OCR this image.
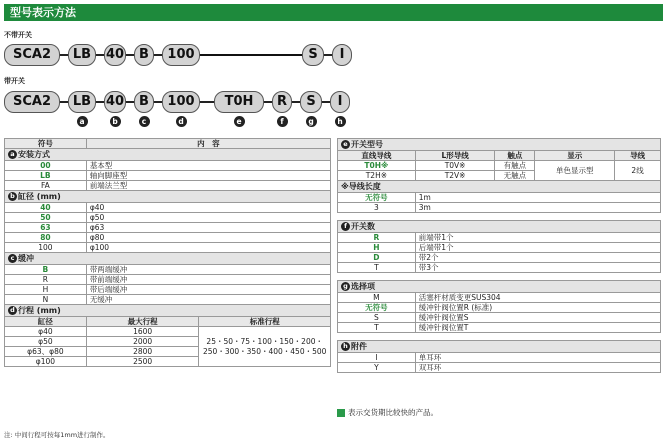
型号表示方法
不带开关
SCA2	LB	40	B	100	S	I
带开关
SCA2	LB	40	B	100	T0H	R	S	I
a	b	c	d	e	f	g	h
符号	内　容	
a 安装方式		
00	基本型	
LB	轴向脚座型	
FA	前端法兰型	
b 缸径 (mm)		
40	φ40	
50	φ50	
63	φ63	
80	φ80	
100	φ100	
c 缓冲		
B	带两端缓冲	
R	带前端缓冲	
H	带后端缓冲	
N	无缓冲	
d 行程 (mm)		
缸径	最大行程	标准行程
φ40	1600	25・50・75・100・150・200・250・300・350・400・450・500
φ50	2000	
φ63、φ80	2800	
φ100	2500	
e 开关型号				
直线导线	L形导线	触点	显示	导线
T0H※	T0V※	有触点	单色显示型	2线
T2H※	T2V※	无触点		
※导线长度				
无符号	1m			
3	3m			

f 开关数				
R	前端带1个			
H	后端带1个			
D	带2个			
T	带3个			

g 选择项				
M	活塞杆材质变更SUS304			
无符号	缓冲针阀位置R (标准)			
S	缓冲针阀位置S			
T	缓冲针阀位置T			

h 附件				
I	单耳环			
Y	双耳环			
表示交货期比较快的产品。
注: 中间行程可按每1mm进行制作。
